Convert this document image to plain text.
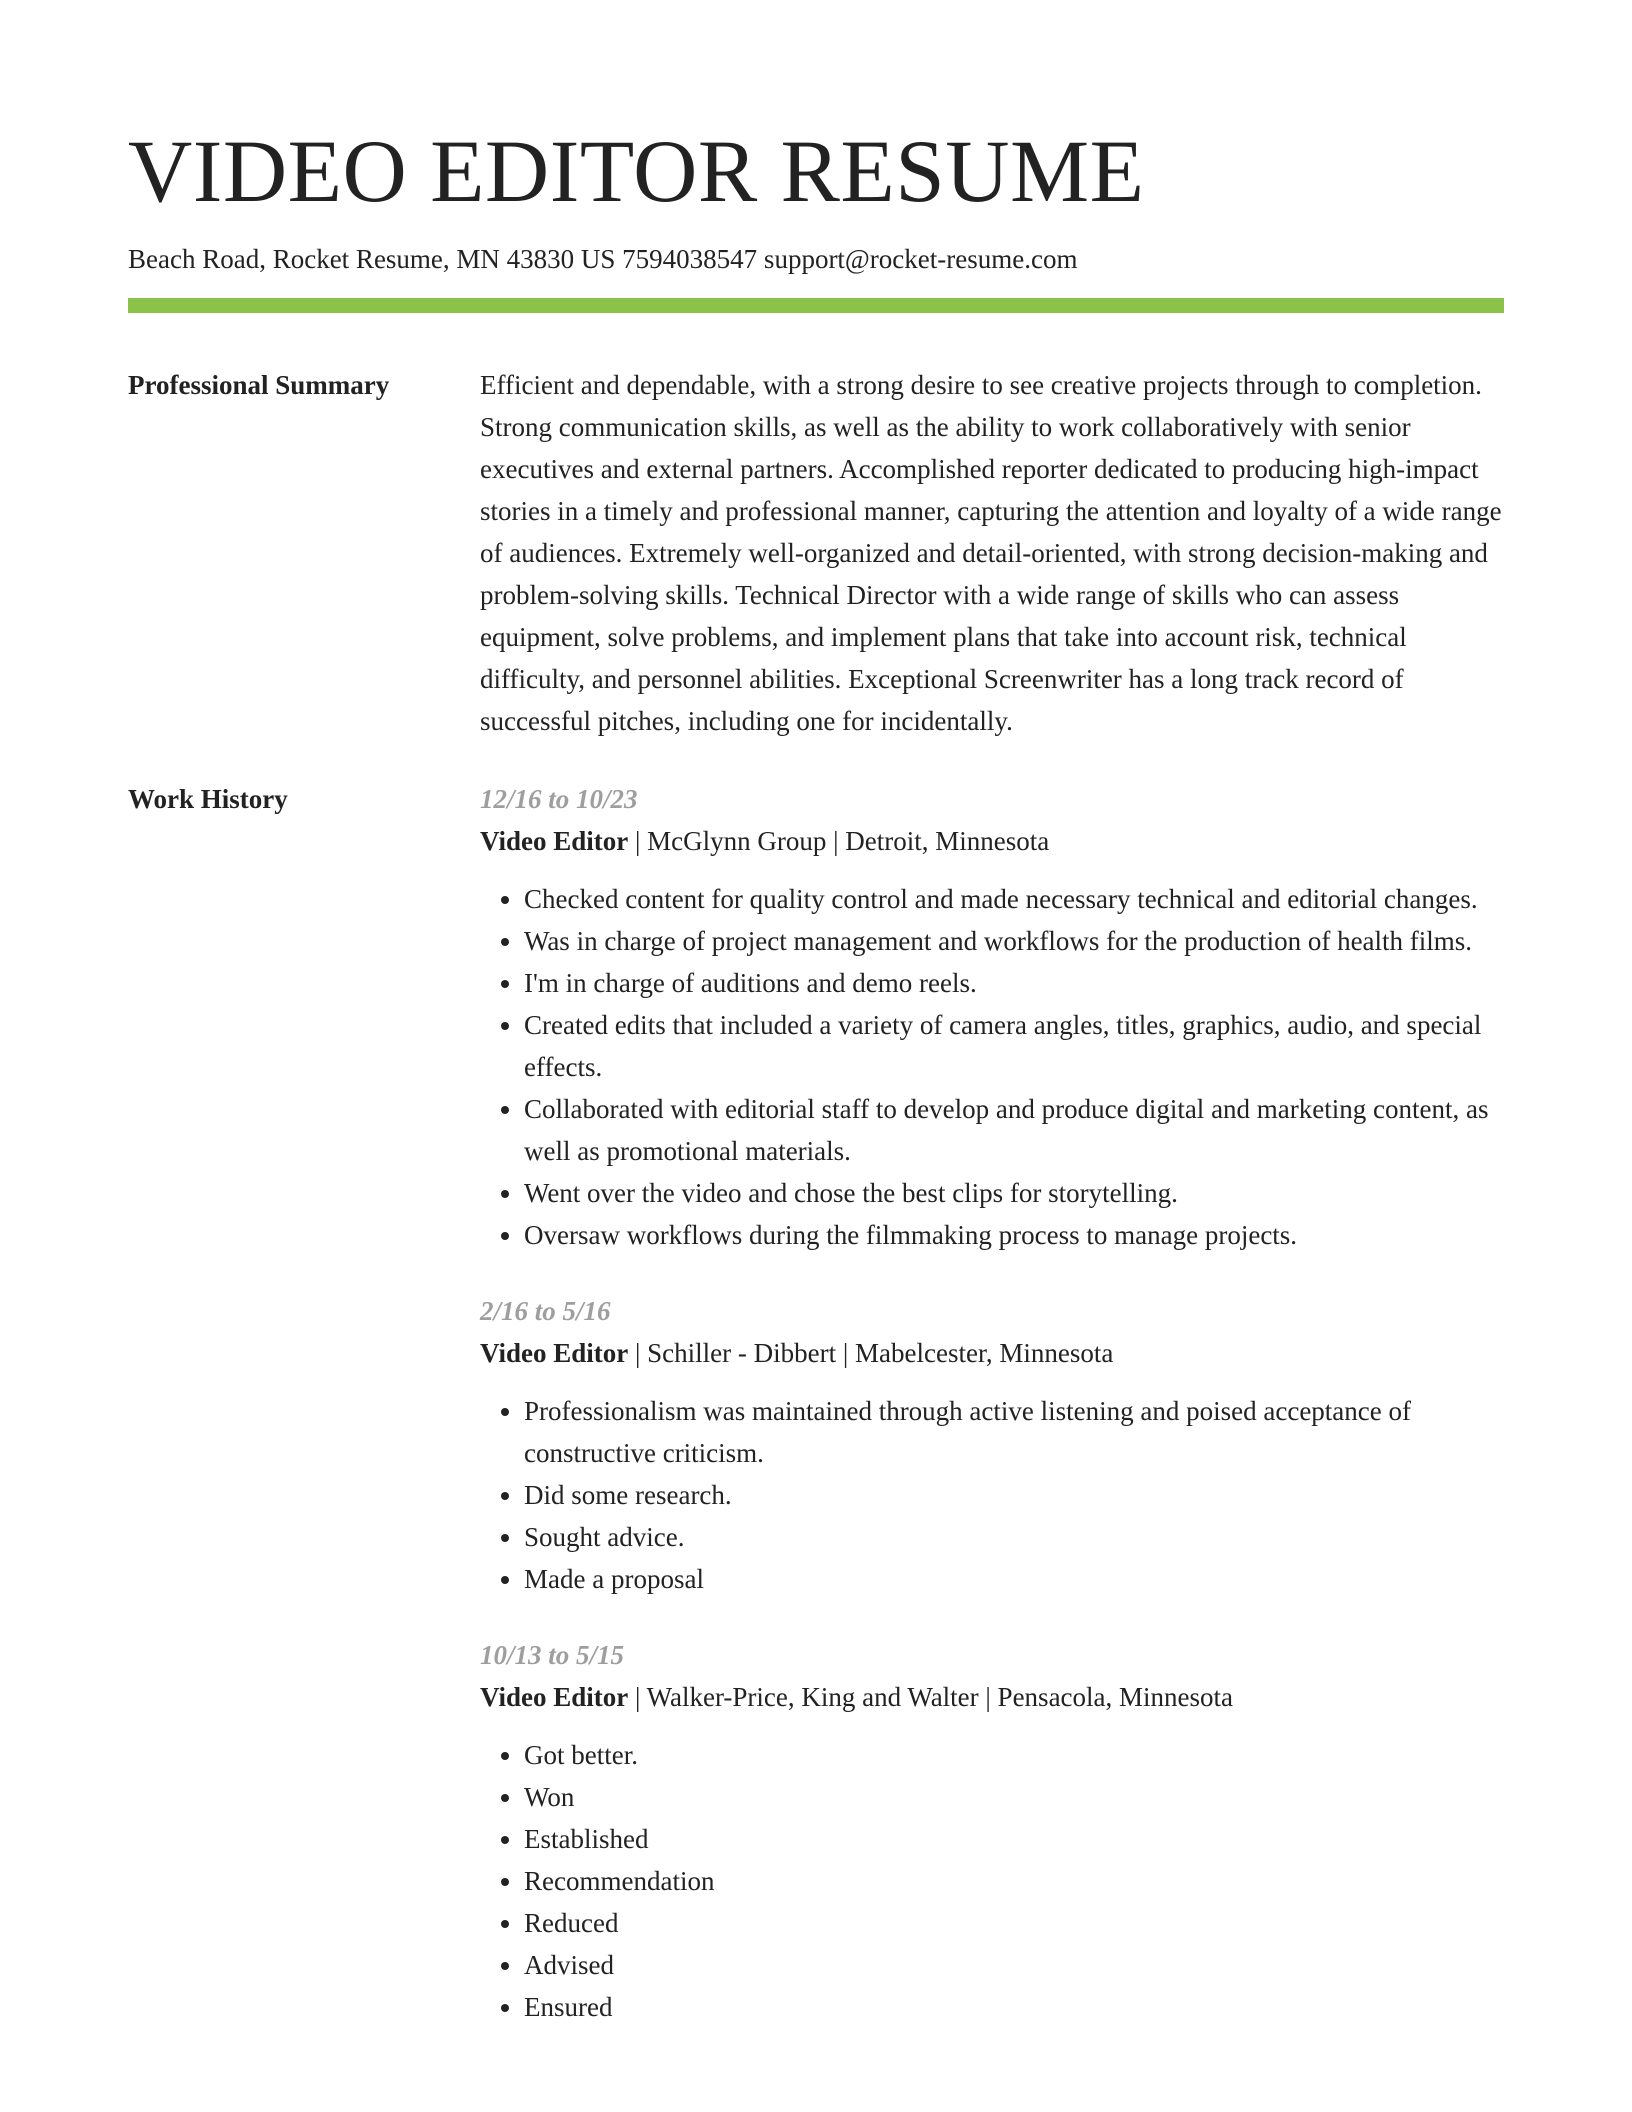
VIDEO EDITOR RESUME
Beach Road, Rocket Resume, MN 43830 US 7594038547 support@rocket-resume.com
Professional Summary	Efficient and dependable, with a strong desire to see creative projects through to completion. Strong communication skills, as well as the ability to work collaboratively with senior executives and external partners. Accomplished reporter dedicated to producing high-impact stories in a timely and professional manner, capturing the attention and loyalty of a wide range of audiences. Extremely well-organized and detail-oriented, with strong decision-making and problem-solving skills. Technical Director with a wide range of skills who can assess equipment, solve problems, and implement plans that take into account risk, technical difficulty, and personnel abilities. Exceptional Screenwriter has a long track record of successful pitches, including one for incidentally.

Work History	12/16 to 10/23
Video Editor | McGlynn Group | Detroit, Minnesota
• Checked content for quality control and made necessary technical and editorial changes.
• Was in charge of project management and workflows for the production of health films.
• I'm in charge of auditions and demo reels.
• Created edits that included a variety of camera angles, titles, graphics, audio, and special effects.
• Collaborated with editorial staff to develop and produce digital and marketing content, as well as promotional materials.
• Went over the video and chose the best clips for storytelling.
• Oversaw workflows during the filmmaking process to manage projects.
2/16 to 5/16
Video Editor | Schiller - Dibbert | Mabelcester, Minnesota
• Professionalism was maintained through active listening and poised acceptance of constructive criticism.
• Did some research.
• Sought advice.
• Made a proposal
10/13 to 5/15
Video Editor | Walker-Price, King and Walter | Pensacola, Minnesota
• Got better.
• Won
• Established
• Recommendation
• Reduced
• Advised
• Ensured
